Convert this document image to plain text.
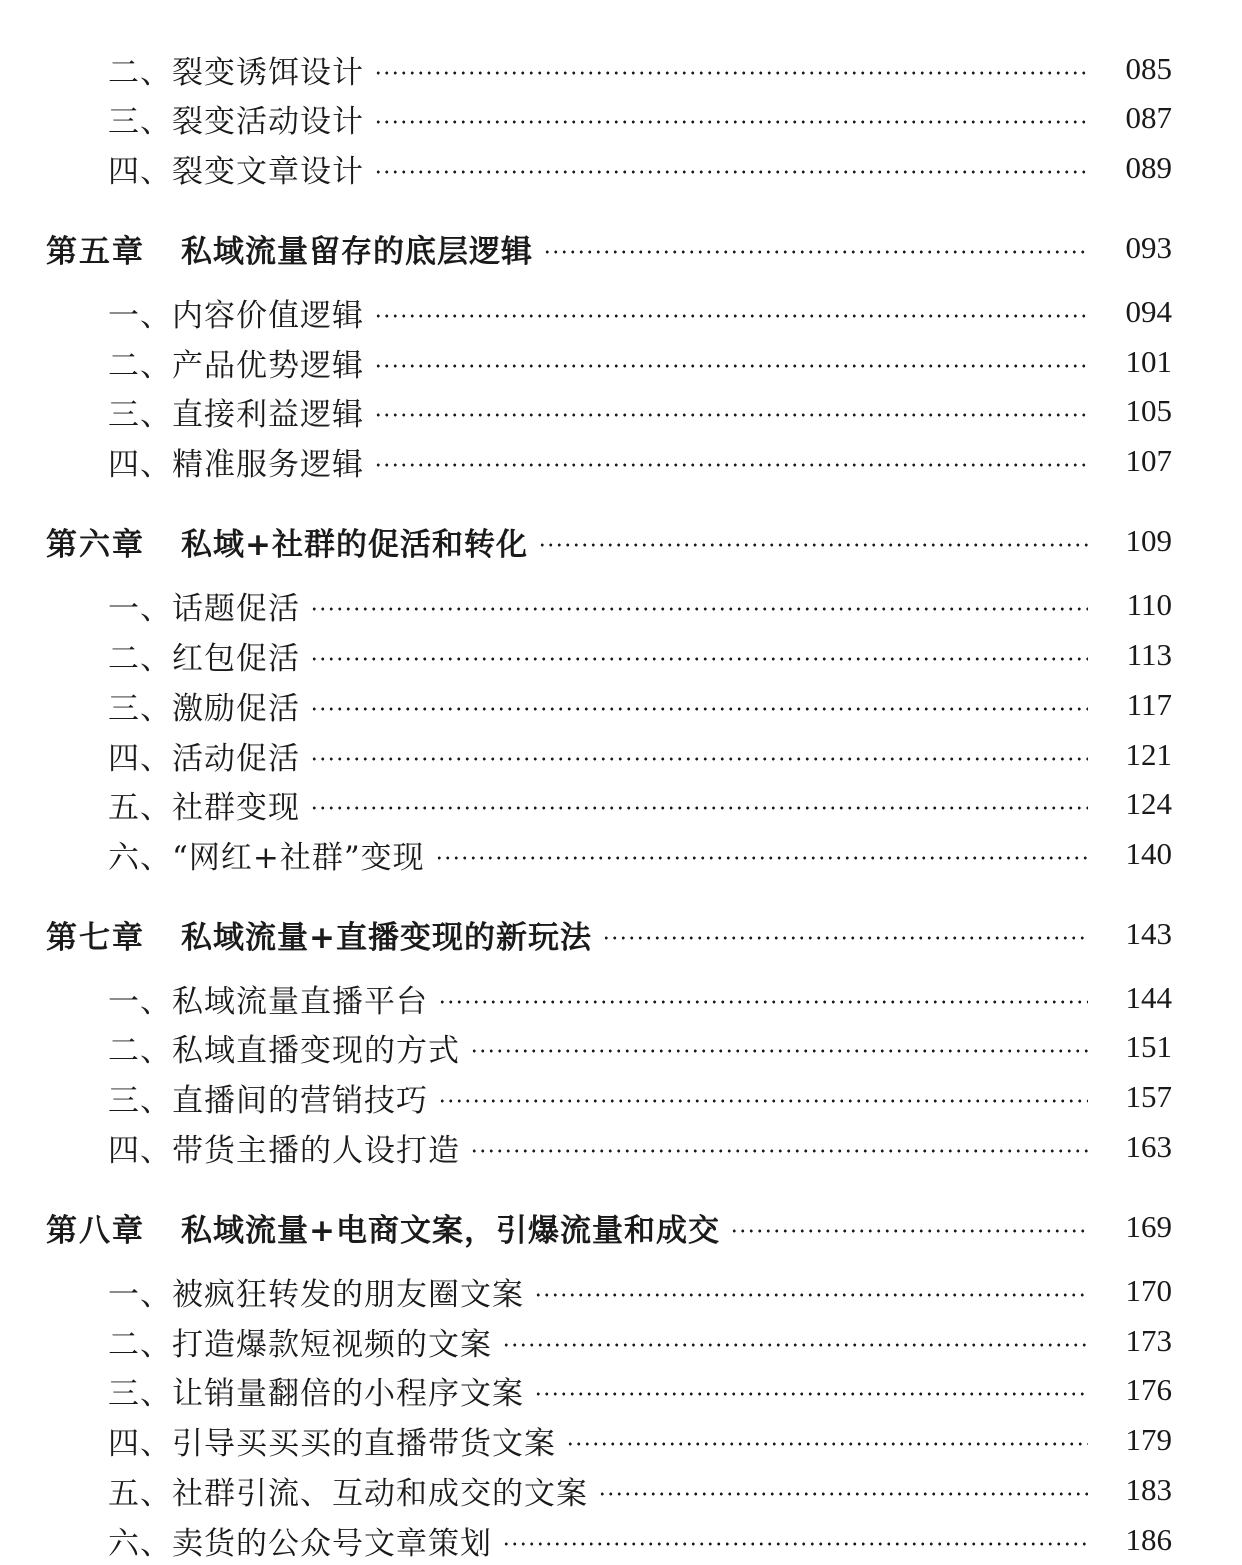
二、裂变诱饵设计	085
三、裂变活动设计	087
四、裂变文章设计	089
第五章 私域流量留存的底层逻辑	093
一、内容价值逻辑	094
二、产品优势逻辑	101
三、直接利益逻辑	105
四、精准服务逻辑	107
第六章 私域+社群的促活和转化	109
一、话题促活	110
二、红包促活	113
三、激励促活	117
四、活动促活	121
五、社群变现	124
六、“网红+社群”变现	140
第七章 私域流量+直播变现的新玩法	143
一、私域流量直播平台	144
二、私域直播变现的方式	151
三、直播间的营销技巧	157
四、带货主播的人设打造	163
第八章 私域流量+电商文案，引爆流量和成交	169
一、被疯狂转发的朋友圈文案	170
二、打造爆款短视频的文案	173
三、让销量翻倍的小程序文案	176
四、引导买买买的直播带货文案	179
五、社群引流、互动和成交的文案	183
六、卖货的公众号文章策划	186
